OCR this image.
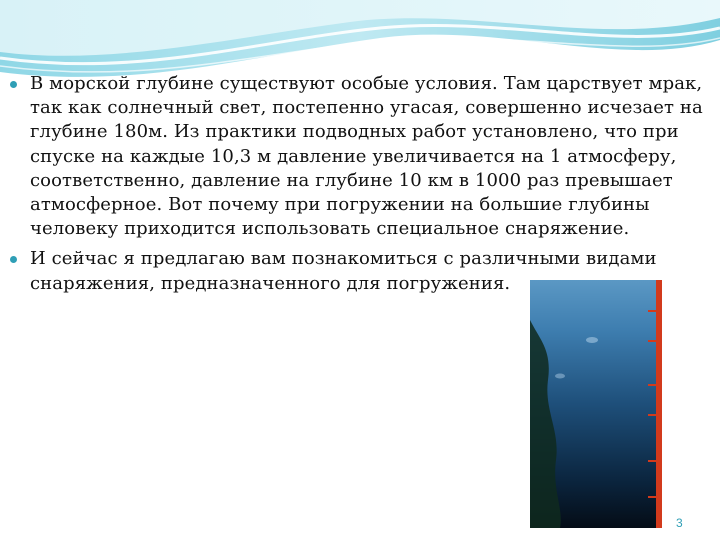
В морской глубине существуют особые условия. Там царствует мрак, так как солнечный свет, постепенно угасая, совершенно исчезает на глубине 180м. Из практики подводных работ установлено, что при спуске на каждые 10,3 м давление увеличивается на 1 атмосферу, соответственно, давление на глубине 10 км в 1000 раз превышает атмосферное. Вот почему при погружении на большие глубины человеку приходится использовать специальное снаряжение.
И сейчас я предлагаю вам познакомиться с различными видами снаряжения, предназначенного для погружения.
3
